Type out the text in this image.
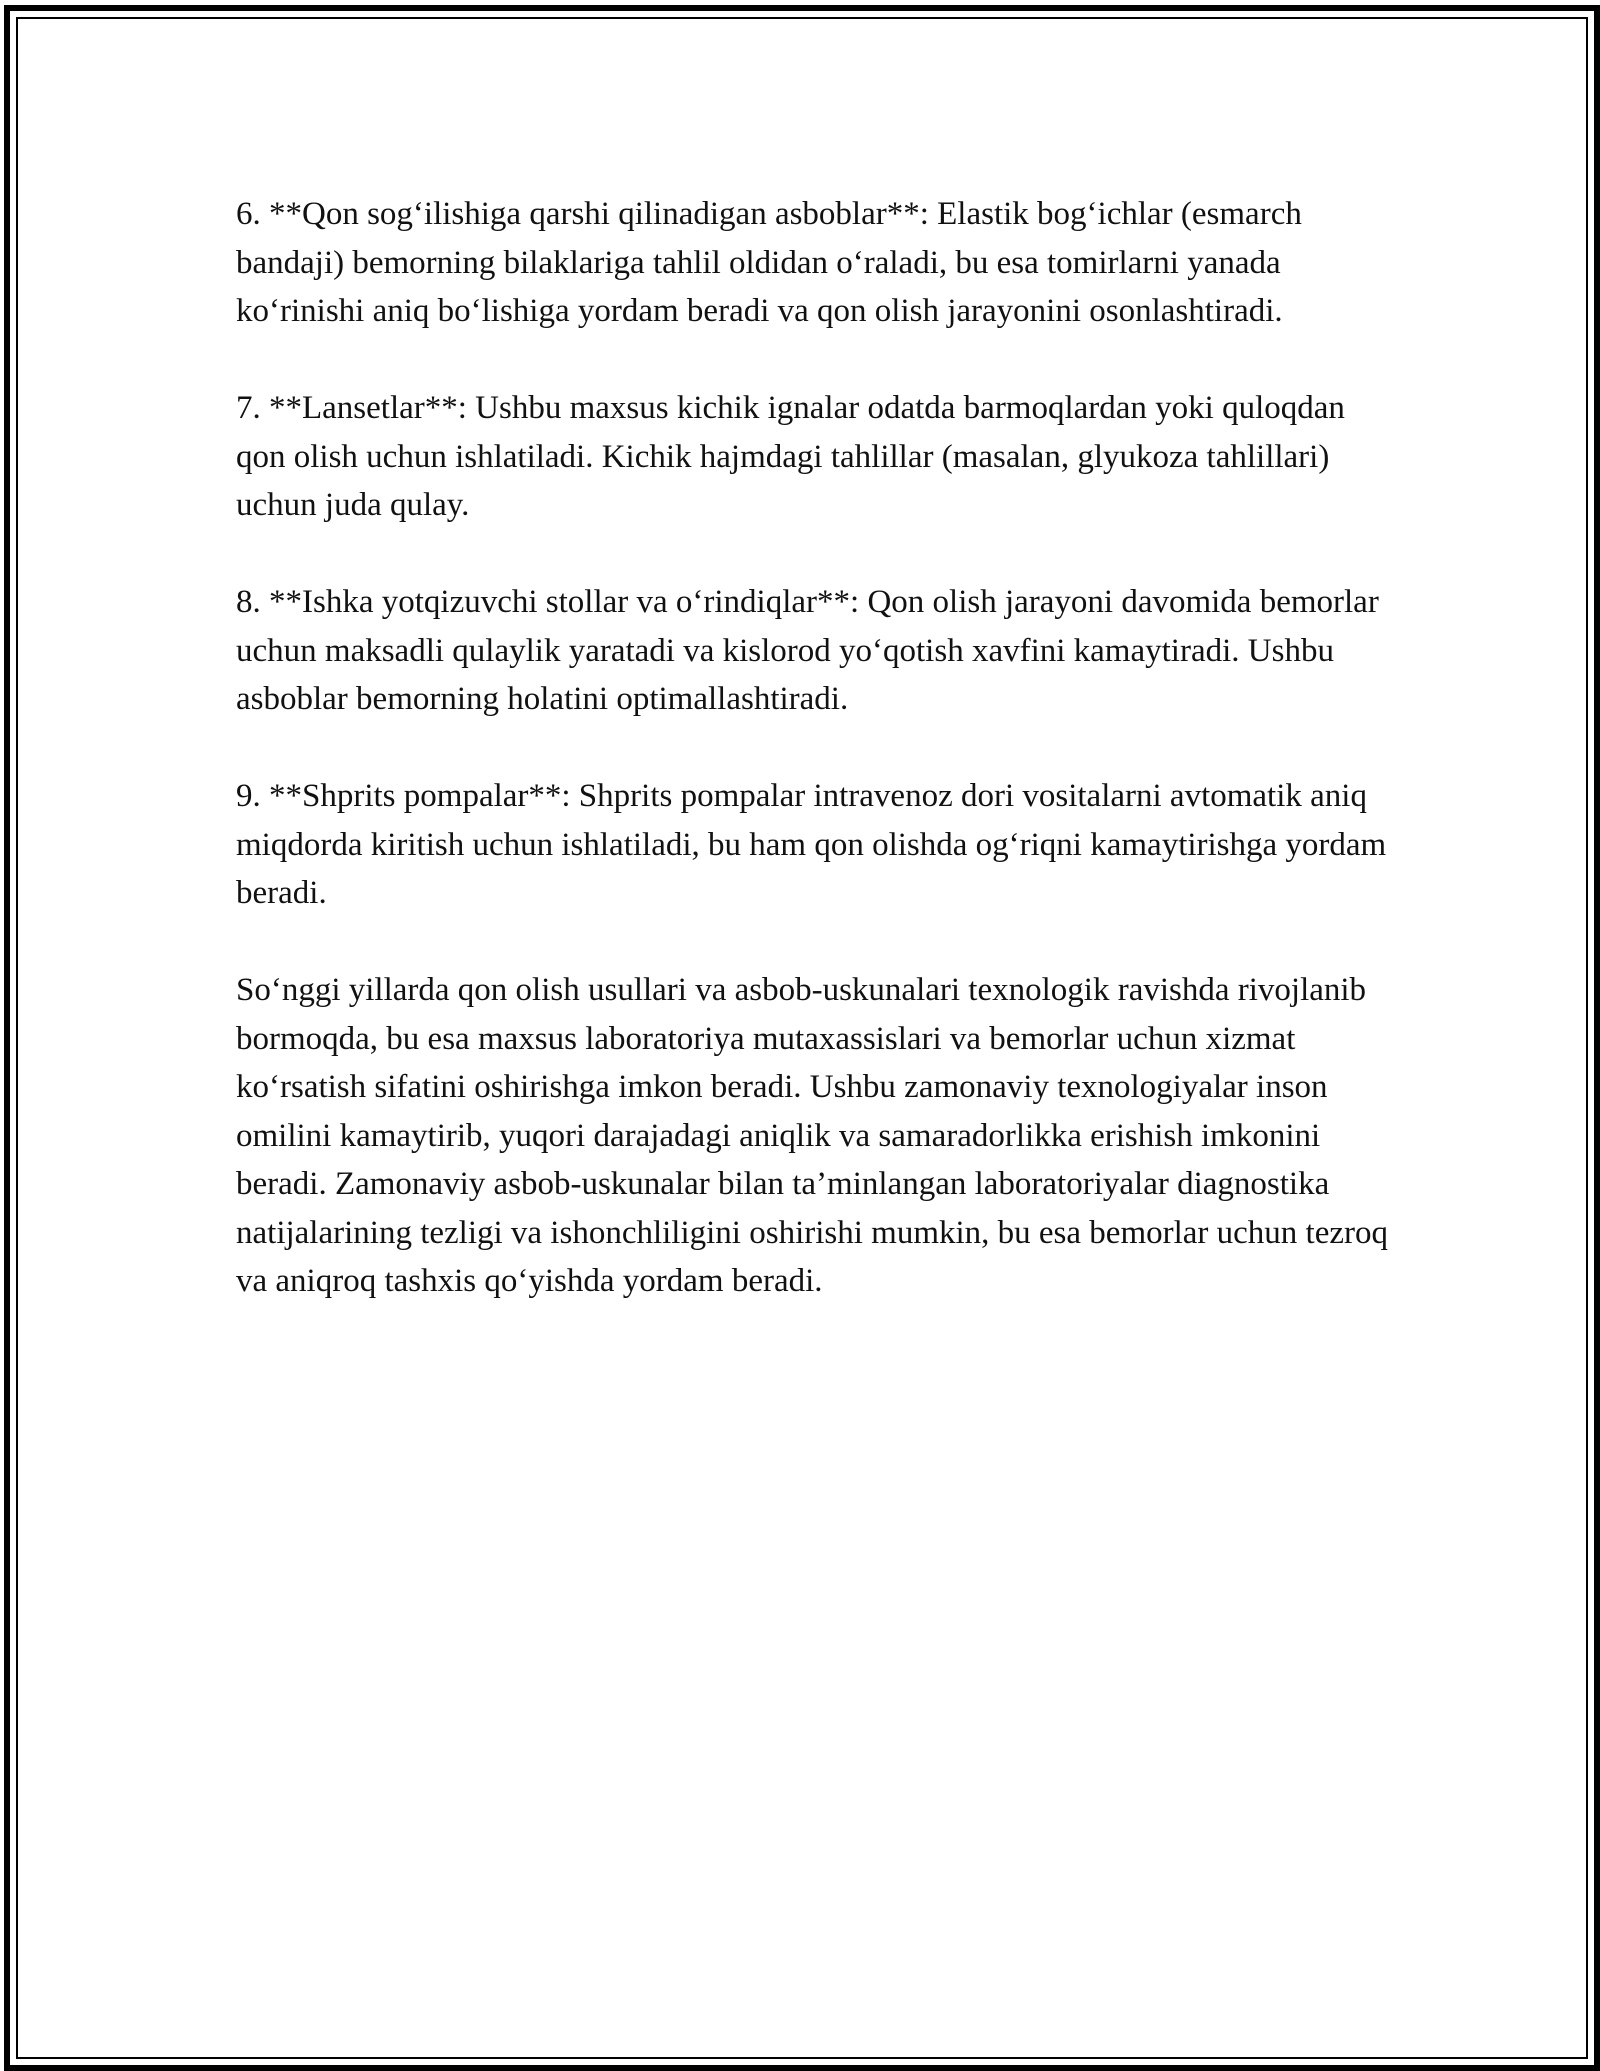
6. **Qon sog‘ilishiga qarshi qilinadigan asboblar**: Elastik bog‘ichlar (esmarch bandaji) bemorning bilaklariga tahlil oldidan o‘raladi, bu esa tomirlarni yanada ko‘rinishi aniq bo‘lishiga yordam beradi va qon olish jarayonini osonlashtiradi.

7. **Lansetlar**: Ushbu maxsus kichik ignalar odatda barmoqlardan yoki quloqdan qon olish uchun ishlatiladi. Kichik hajmdagi tahlillar (masalan, glyukoza tahlillari) uchun juda qulay.

8. **Ishka yotqizuvchi stollar va o‘rindiqlar**: Qon olish jarayoni davomida bemorlar uchun maksadli qulaylik yaratadi va kislorod yo‘qotish xavfini kamaytiradi. Ushbu asboblar bemorning holatini optimallashtiradi.

9. **Shprits pompalar**: Shprits pompalar intravenoz dori vositalarni avtomatik aniq miqdorda kiritish uchun ishlatiladi, bu ham qon olishda og‘riqni kamaytirishga yordam beradi.

So‘nggi yillarda qon olish usullari va asbob-uskunalari texnologik ravishda rivojlanib bormoqda, bu esa maxsus laboratoriya mutaxassislari va bemorlar uchun xizmat ko‘rsatish sifatini oshirishga imkon beradi. Ushbu zamonaviy texnologiyalar inson omilini kamaytirib, yuqori darajadagi aniqlik va samaradorlikka erishish imkonini beradi. Zamonaviy asbob-uskunalar bilan ta’minlangan laboratoriyalar diagnostika natijalarining tezligi va ishonchliligini oshirishi mumkin, bu esa bemorlar uchun tezroq va aniqroq tashxis qo‘yishda yordam beradi.
